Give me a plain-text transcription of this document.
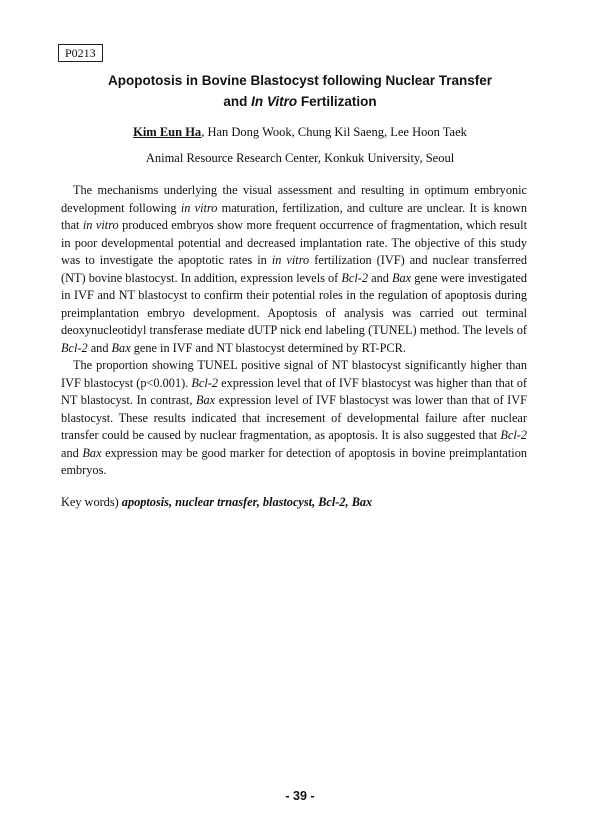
P0213
Apopotosis in Bovine Blastocyst following Nuclear Transfer
and In Vitro Fertilization
Kim Eun Ha, Han Dong Wook, Chung Kil Saeng, Lee Hoon Taek
Animal Resource Research Center, Konkuk University, Seoul

The mechanisms underlying the visual assessment and resulting in optimum embryonic development following in vitro maturation, fertilization, and culture are unclear. It is known that in vitro produced embryos show more frequent occurrence of fragmentation, which result in poor developmental potential and decreased implantation rate. The objective of this study was to investigate the apoptotic rates in in vitro fertilization (IVF) and nuclear transferred (NT) bovine blastocyst. In addition, expression levels of Bcl-2 and Bax gene were investigated in IVF and NT blastocyst to confirm their potential roles in the regulation of apoptosis during preimplantation embryo development. Apoptosis of analysis was carried out terminal deoxynucleotidyl transferase mediate dUTP nick end labeling (TUNEL) method. The levels of Bcl-2 and Bax gene in IVF and NT blastocyst determined by RT-PCR.

The proportion showing TUNEL positive signal of NT blastocyst significantly higher than IVF blastocyst (p<0.001). Bcl-2 expression level that of IVF blastocyst was higher than that of NT blastocyst. In contrast, Bax expression level of IVF blastocyst was lower than that of IVF blastocyst. These results indicated that incresement of developmental failure after nuclear transfer could be caused by nuclear fragmentation, as apoptosis. It is also suggested that Bcl-2 and Bax expression may be good marker for detection of apoptosis in bovine preimplantation embryos.

Key words) apoptosis, nuclear trnasfer, blastocyst, Bcl-2, Bax
- 39 -
